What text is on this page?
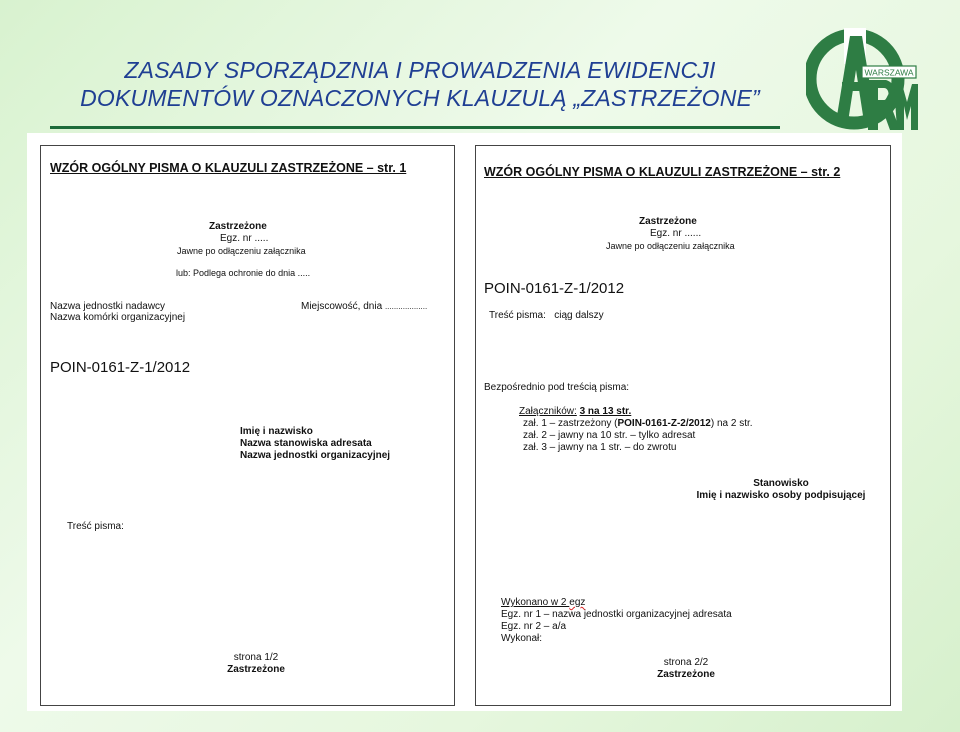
ZASADY SPORZĄDZNIA I PROWADZENIA EWIDENCJI
DOKUMENTÓW OZNACZONYCH KLAUZULĄ „ZASTRZEŻONE”
WARSZAWA
WZÓR OGÓLNY PISMA O KLAUZULI ZASTRZEŻONE – str. 1
Zastrzeżone
Egz. nr .....
Jawne po odłączeniu załącznika
lub: Podlega ochronie do dnia .....
Nazwa jednostki nadawcy
Nazwa komórki organizacyjnej
Miejscowość, dnia ...................
POIN-0161-Z-1/2012
Imię i nazwisko
Nazwa stanowiska adresata
Nazwa jednostki organizacyjnej
Treść pisma:
strona 1/2
Zastrzeżone
WZÓR OGÓLNY PISMA O KLAUZULI ZASTRZEŻONE – str. 2
Zastrzeżone
Egz. nr ......
Jawne po odłączeniu załącznika
POIN-0161-Z-1/2012
Treść pisma: ciąg dalszy
Bezpośrednio pod treścią pisma:
Załączników: 3 na 13 str.
zał. 1 – zastrzeżony (POIN-0161-Z-2/2012) na 2 str.
zał. 2 – jawny na 10 str. – tylko adresat
zał. 3 – jawny na 1 str. – do zwrotu
Stanowisko
Imię i nazwisko osoby podpisującej
Wykonano w 2 egz
Egz. nr 1 – nazwa jednostki organizacyjnej adresata
Egz. nr 2 – a/a
Wykonał:
strona 2/2
Zastrzeżone
